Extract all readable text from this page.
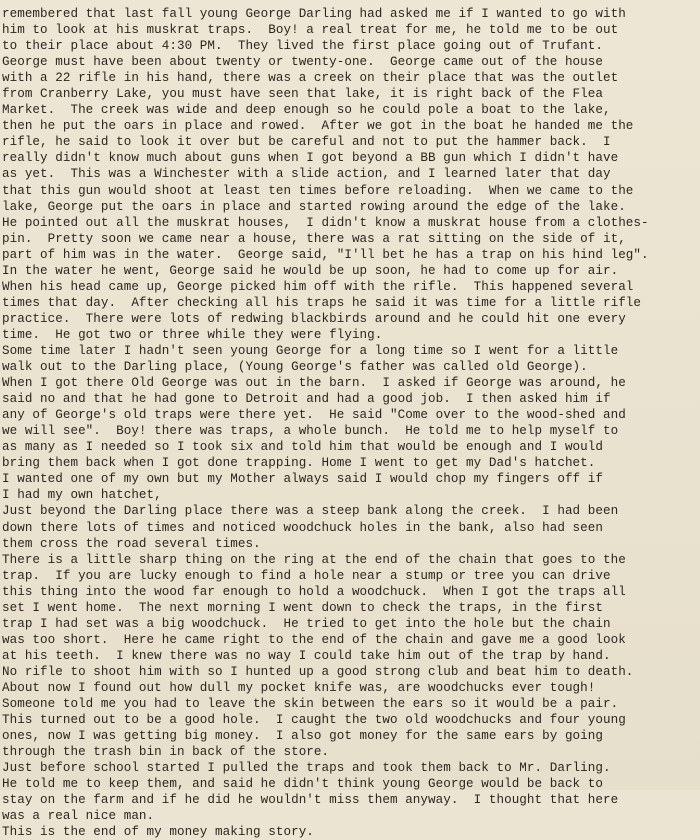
remembered that last fall young George Darling had asked me if I wanted to go with
him to look at his muskrat traps.  Boy! a real treat for me, he told me to be out
to their place about 4:30 PM.  They lived the first place going out of Trufant.
George must have been about twenty or twenty-one.  George came out of the house
with a 22 rifle in his hand, there was a creek on their place that was the outlet
from Cranberry Lake, you must have seen that lake, it is right back of the Flea
Market.  The creek was wide and deep enough so he could pole a boat to the lake,
then he put the oars in place and rowed.  After we got in the boat he handed me the
rifle, he said to look it over but be careful and not to put the hammer back.  I
really didn't know much about guns when I got beyond a BB gun which I didn't have
as yet.  This was a Winchester with a slide action, and I learned later that day
that this gun would shoot at least ten times before reloading.  When we came to the
lake, George put the oars in place and started rowing around the edge of the lake.
He pointed out all the muskrat houses,  I didn't know a muskrat house from a clothes-
pin.  Pretty soon we came near a house, there was a rat sitting on the side of it,
part of him was in the water.  George said, "I'll bet he has a trap on his hind leg".
In the water he went, George said he would be up soon, he had to come up for air.
When his head came up, George picked him off with the rifle.  This happened several
times that day.  After checking all his traps he said it was time for a little rifle
practice.  There were lots of redwing blackbirds around and he could hit one every
time.  He got two or three while they were flying.
Some time later I hadn't seen young George for a long time so I went for a little
walk out to the Darling place, (Young George's father was called old George).
When I got there Old George was out in the barn.  I asked if George was around, he
said no and that he had gone to Detroit and had a good job.  I then asked him if
any of George's old traps were there yet.  He said "Come over to the wood-shed and
we will see".  Boy! there was traps, a whole bunch.  He told me to help myself to
as many as I needed so I took six and told him that would be enough and I would
bring them back when I got done trapping. Home I went to get my Dad's hatchet.
I wanted one of my own but my Mother always said I would chop my fingers off if
I had my own hatchet,
Just beyond the Darling place there was a steep bank along the creek.  I had been
down there lots of times and noticed woodchuck holes in the bank, also had seen
them cross the road several times.
There is a little sharp thing on the ring at the end of the chain that goes to the
trap.  If you are lucky enough to find a hole near a stump or tree you can drive
this thing into the wood far enough to hold a woodchuck.  When I got the traps all
set I went home.  The next morning I went down to check the traps, in the first
trap I had set was a big woodchuck.  He tried to get into the hole but the chain
was too short.  Here he came right to the end of the chain and gave me a good look
at his teeth.  I knew there was no way I could take him out of the trap by hand.
No rifle to shoot him with so I hunted up a good strong club and beat him to death.
About now I found out how dull my pocket knife was, are woodchucks ever tough!
Someone told me you had to leave the skin between the ears so it would be a pair.
This turned out to be a good hole.  I caught the two old woodchucks and four young
ones, now I was getting big money.  I also got money for the same ears by going
through the trash bin in back of the store.
Just before school started I pulled the traps and took them back to Mr. Darling.
He told me to keep them, and said he didn't think young George would be back to
stay on the farm and if he did he wouldn't miss them anyway.  I thought that here
was a real nice man.
This is the end of my money making story.
